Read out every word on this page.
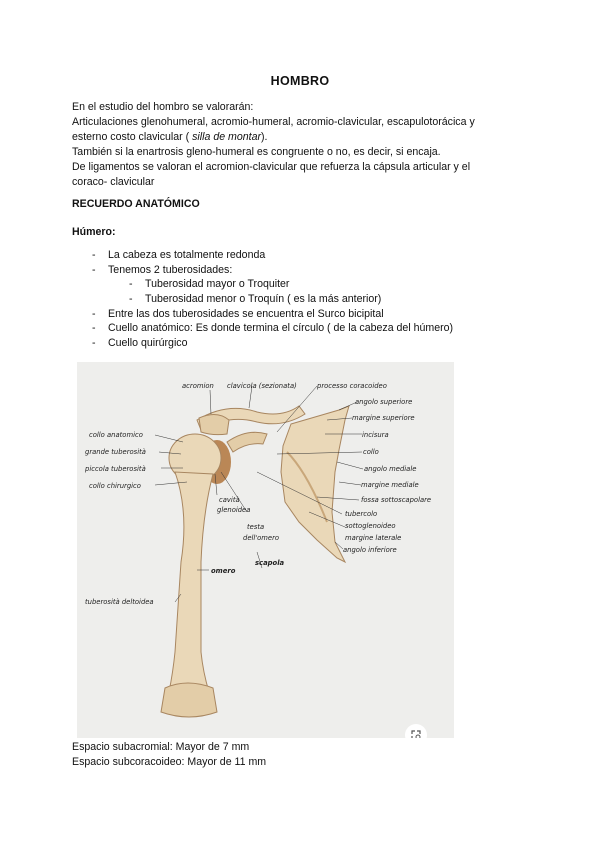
HOMBRO
En el estudio del hombro se valorarán:
Articulaciones glenohumeral, acromio-humeral, acromio-clavicular, escapulotorácica y
esterno costo clavicular ( silla de montar).
También si la enartrosis gleno-humeral es congruente o no, es decir, si encaja.
De ligamentos se valoran el acromion-clavicular que refuerza la cápsula articular y el
coraco- clavicular
RECUERDO ANATÓMICO
Húmero:
- La cabeza es totalmente redonda
- Tenemos 2 tuberosidades:
- Tuberosidad mayor o Troquiter
- Tuberosidad menor o Troquín ( es la más anterior)
- Entre las dos tuberosidades se encuentra el Surco bicipital
- Cuello anatómico: Es donde termina el círculo ( de la cabeza del húmero)
- Cuello quirúrgico
acromion clavicola (sezionata)	processo coracoideo
angolo superiore
margine superiore
incisura
collo
angolo mediale
margine mediale
fossa sottoscapolare
tubercolo
sottoglenoideo
margine laterale
angolo inferiore
collo anatomico
grande tuberosità
piccola tuberosità
collo chirurgico
cavità
glenoidea
testa
dell'omero
scapola
omero
tuberosità deltoidea
Espacio subacromial: Mayor de 7 mm
Espacio subcoracoideo: Mayor de 11 mm
